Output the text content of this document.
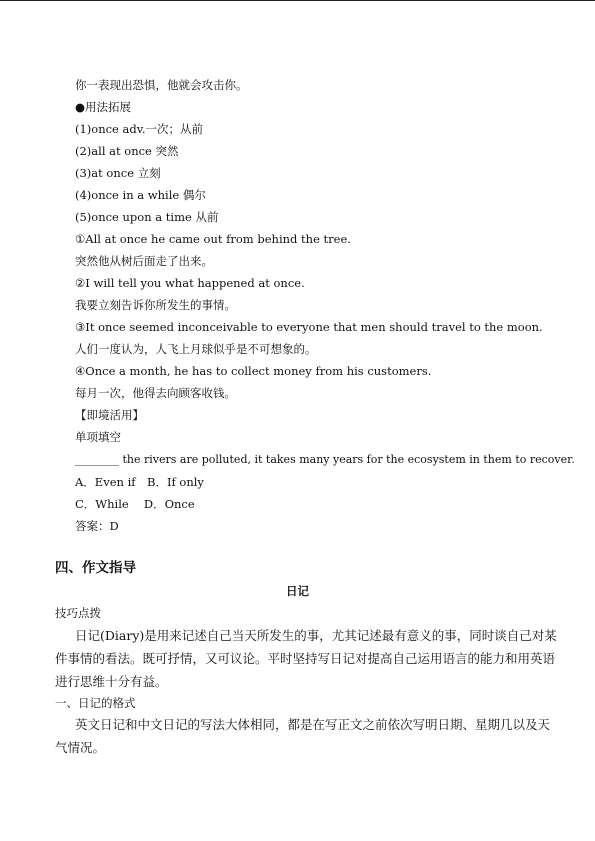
你一表现出恐惧，他就会攻击你。
●用法拓展
(1)once adv.一次；从前
(2)all at once 突然
(3)at once 立刻
(4)once in a while 偶尔
(5)once upon a time 从前
①All at once he came out from behind the tree.
突然他从树后面走了出来。
②I will tell you what happened at once.
我要立刻告诉你所发生的事情。
③It once seemed inconceivable to everyone that men should travel to the moon.
人们一度认为，人飞上月球似乎是不可想象的。
④Once a month, he has to collect money from his customers.
每月一次，他得去向顾客收钱。
【即境活用】
单项填空
________ the rivers are polluted, it takes many years for the ecosystem in them to recover.
A．Even if　B．If only
C．While　 D．Once
答案：D
四、作文指导
日记
技巧点拨
日记(Diary)是用来记述自己当天所发生的事，尤其记述最有意义的事，同时谈自己对某
件事情的看法。既可抒情，又可议论。平时坚持写日记对提高自己运用语言的能力和用英语
进行思维十分有益。
一、日记的格式
英文日记和中文日记的写法大体相同，都是在写正文之前依次写明日期、星期几以及天
气情况。
